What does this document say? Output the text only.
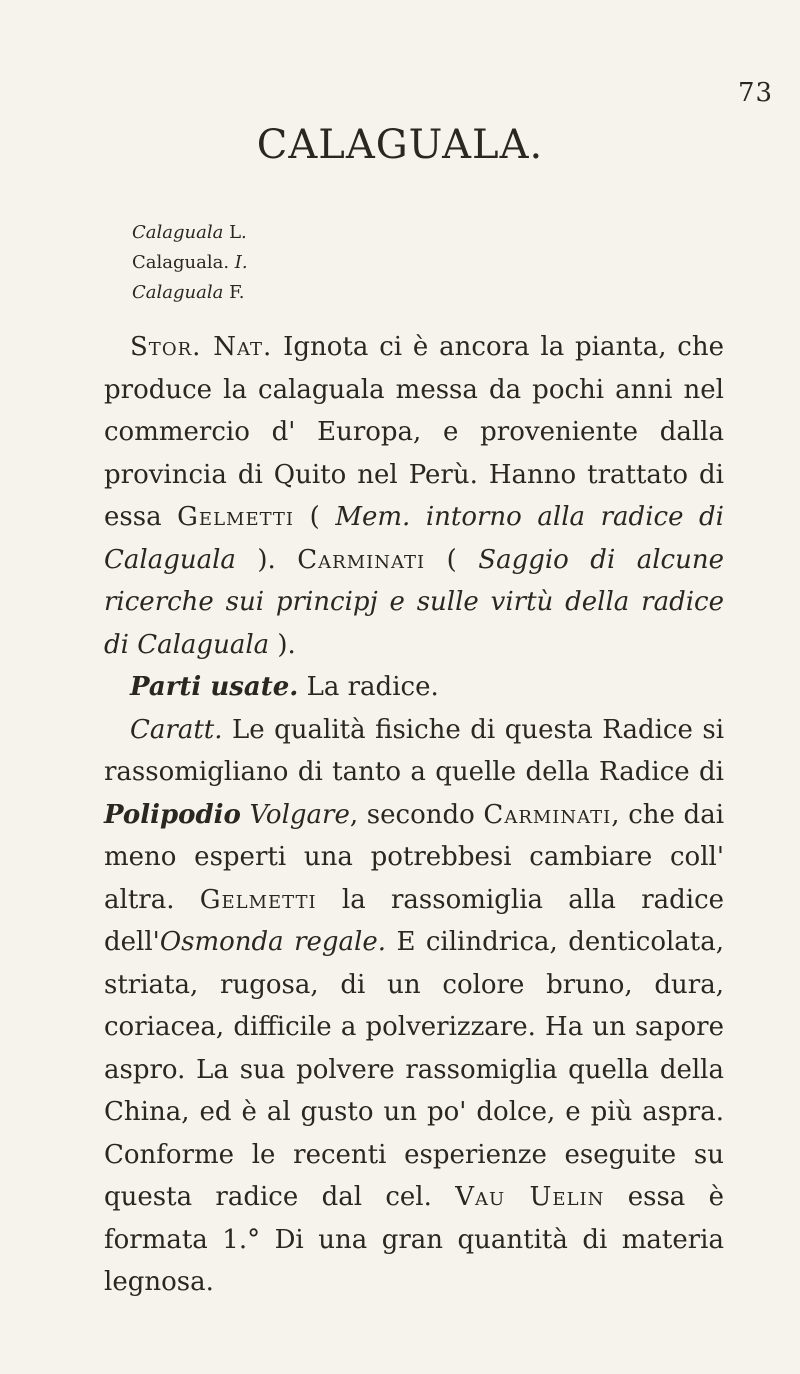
73
CALAGUALA.

Calaguala L.

Calaguala. I.

Calaguala F.

Stor. Nat. Ignota ci è ancora la pianta, che produce la calaguala messa da pochi anni nel commercio d' Europa, e proveniente dalla provincia di Quito nel Perù. Hanno trattato di essa Gelmetti ( Mem. intorno alla radice di Calaguala ). Carminati ( Saggio di alcune ricerche sui principj e sulle virtù della radice di Calaguala ).

Parti usate. La radice.

Caratt. Le qualità fisiche di questa Radice si rassomigliano di tanto a quelle della Radice di Polipodio Volgare, secondo Carminati, che dai meno esperti una potrebbesi cambiare coll' altra. Gelmetti la rassomiglia alla radice dell'Osmonda regale. E cilindrica, denticolata, striata, rugosa, di un colore bruno, dura, coriacea, difficile a polverizzare. Ha un sapore aspro. La sua polvere rassomiglia quella della China, ed è al gusto un po' dolce, e più aspra. Conforme le recenti esperienze eseguite su questa radice dal cel. Vau Uelin essa è formata 1.° Di una gran quantità di materia legnosa.
